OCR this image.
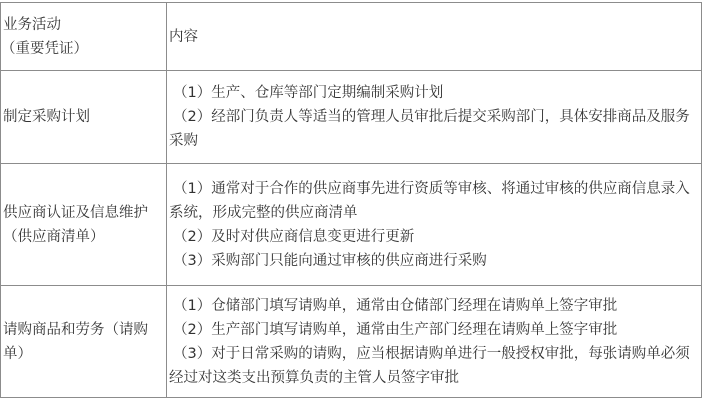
业务活动
（重要凭证）	内容

制定采购计划	（1）生产、仓库等部门定期编制采购计划
（2）经部门负责人等适当的管理人员审批后提交采购部门，具体安排商品及服务采购

供应商认证及信息维护（供应商清单）	（1）通常对于合作的供应商事先进行资质等审核、将通过审核的供应商信息录入系统，形成完整的供应商清单
（2）及时对供应商信息变更进行更新
（3）采购部门只能向通过审核的供应商进行采购

请购商品和劳务（请购单）	（1）仓储部门填写请购单，通常由仓储部门经理在请购单上签字审批
（2）生产部门填写请购单，通常由生产部门经理在请购单上签字审批
（3）对于日常采购的请购，应当根据请购单进行一般授权审批，每张请购单必须经过对这类支出预算负责的主管人员签字审批
